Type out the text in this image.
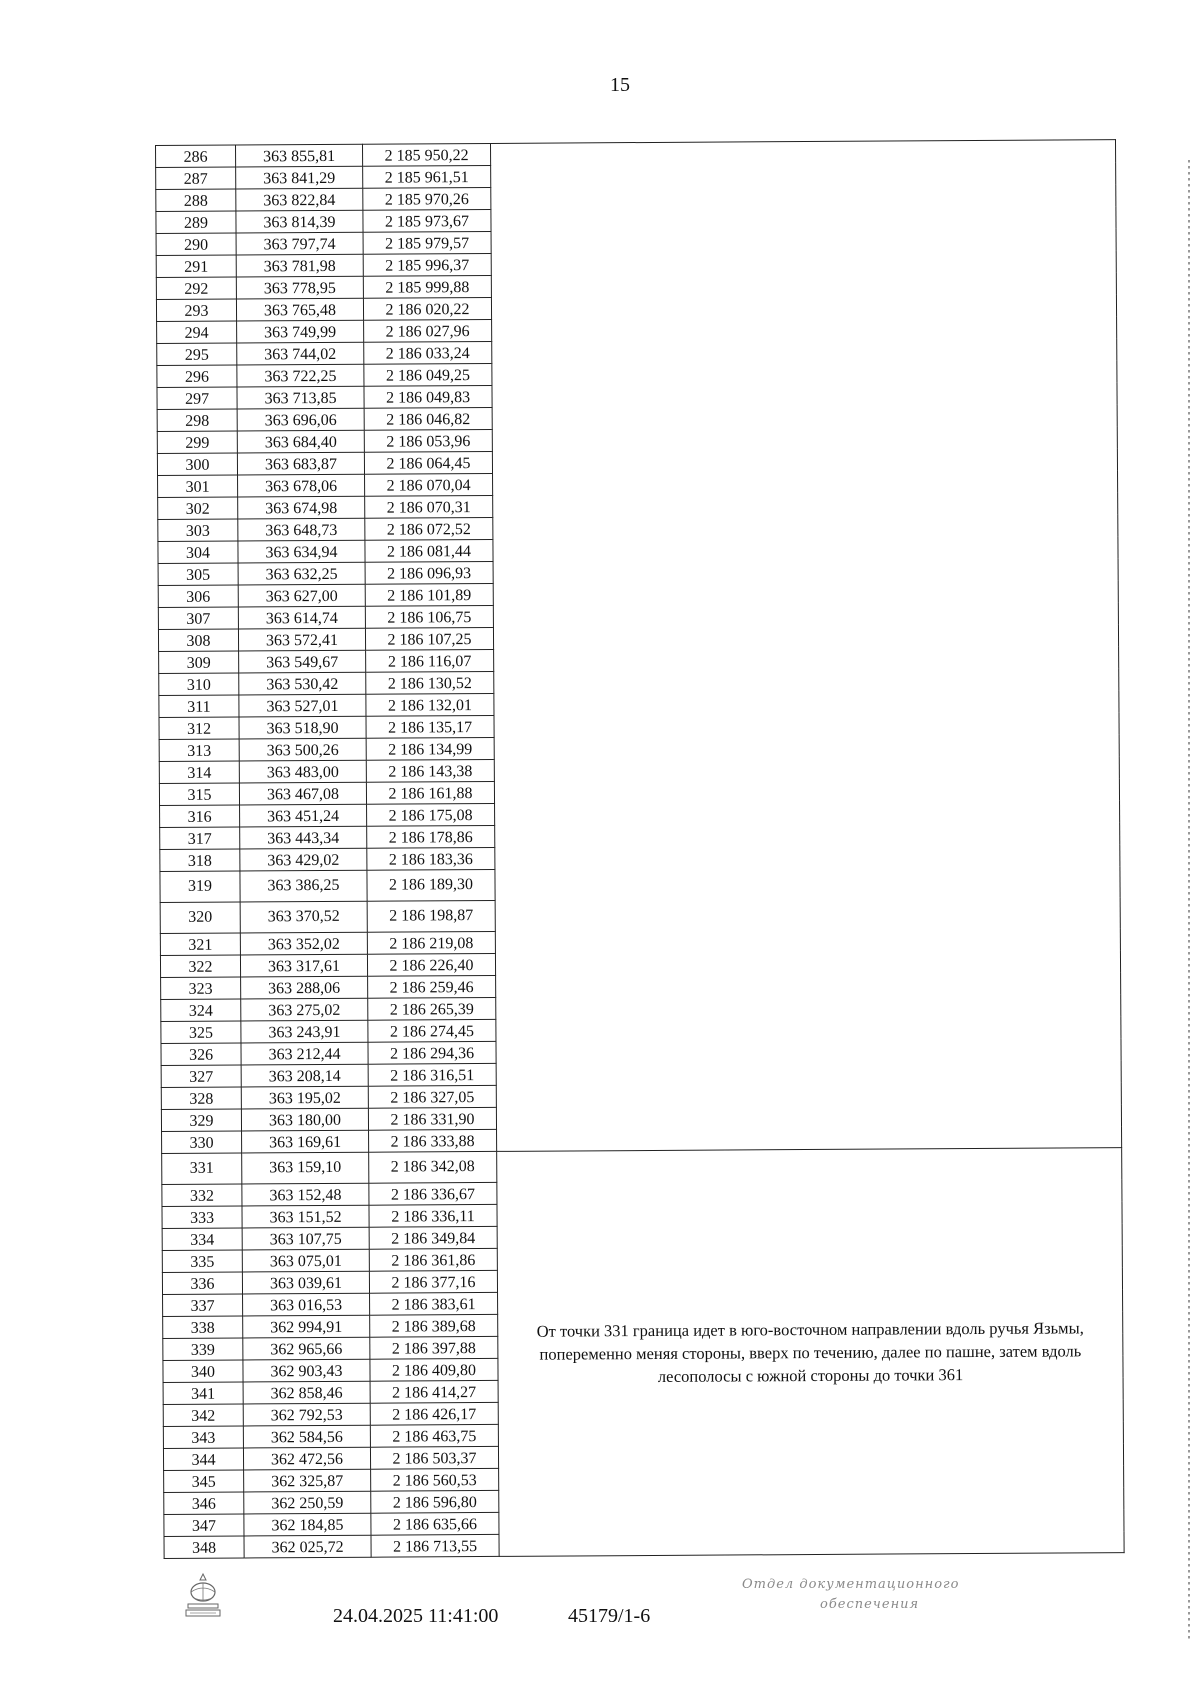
15
286	363 855,81	2 185 950,22	
287	363 841,29	2 185 961,51	
288	363 822,84	2 185 970,26	
289	363 814,39	2 185 973,67	
290	363 797,74	2 185 979,57	
291	363 781,98	2 185 996,37	
292	363 778,95	2 185 999,88	
293	363 765,48	2 186 020,22	
294	363 749,99	2 186 027,96	
295	363 744,02	2 186 033,24	
296	363 722,25	2 186 049,25	
297	363 713,85	2 186 049,83	
298	363 696,06	2 186 046,82	
299	363 684,40	2 186 053,96	
300	363 683,87	2 186 064,45	
301	363 678,06	2 186 070,04	
302	363 674,98	2 186 070,31	
303	363 648,73	2 186 072,52	
304	363 634,94	2 186 081,44	
305	363 632,25	2 186 096,93	
306	363 627,00	2 186 101,89	
307	363 614,74	2 186 106,75	
308	363 572,41	2 186 107,25	
309	363 549,67	2 186 116,07	
310	363 530,42	2 186 130,52	
311	363 527,01	2 186 132,01	
312	363 518,90	2 186 135,17	
313	363 500,26	2 186 134,99	
314	363 483,00	2 186 143,38	
315	363 467,08	2 186 161,88	
316	363 451,24	2 186 175,08	
317	363 443,34	2 186 178,86	
318	363 429,02	2 186 183,36	
319	363 386,25	2 186 189,30	
320	363 370,52	2 186 198,87	
321	363 352,02	2 186 219,08	
322	363 317,61	2 186 226,40	
323	363 288,06	2 186 259,46	
324	363 275,02	2 186 265,39	
325	363 243,91	2 186 274,45	
326	363 212,44	2 186 294,36	
327	363 208,14	2 186 316,51	
328	363 195,02	2 186 327,05	
329	363 180,00	2 186 331,90	
330	363 169,61	2 186 333,88	
331	363 159,10	2 186 342,08	От точки 331 граница идет в юго-восточном направлении вдоль ручья Язьмы, попеременно меняя стороны, вверх по течению, далее по пашне, затем вдоль лесополосы с южной стороны до точки 361
332	363 152,48	2 186 336,67	
333	363 151,52	2 186 336,11	
334	363 107,75	2 186 349,84	
335	363 075,01	2 186 361,86	
336	363 039,61	2 186 377,16	
337	363 016,53	2 186 383,61	
338	362 994,91	2 186 389,68	
339	362 965,66	2 186 397,88	
340	362 903,43	2 186 409,80	
341	362 858,46	2 186 414,27	
342	362 792,53	2 186 426,17	
343	362 584,56	2 186 463,75	
344	362 472,56	2 186 503,37	
345	362 325,87	2 186 560,53	
346	362 250,59	2 186 596,80	
347	362 184,85	2 186 635,66	
348	362 025,72	2 186 713,55	
24.04.2025 11:41:00	45179/1-6
Отдел документационного
обеспечения
